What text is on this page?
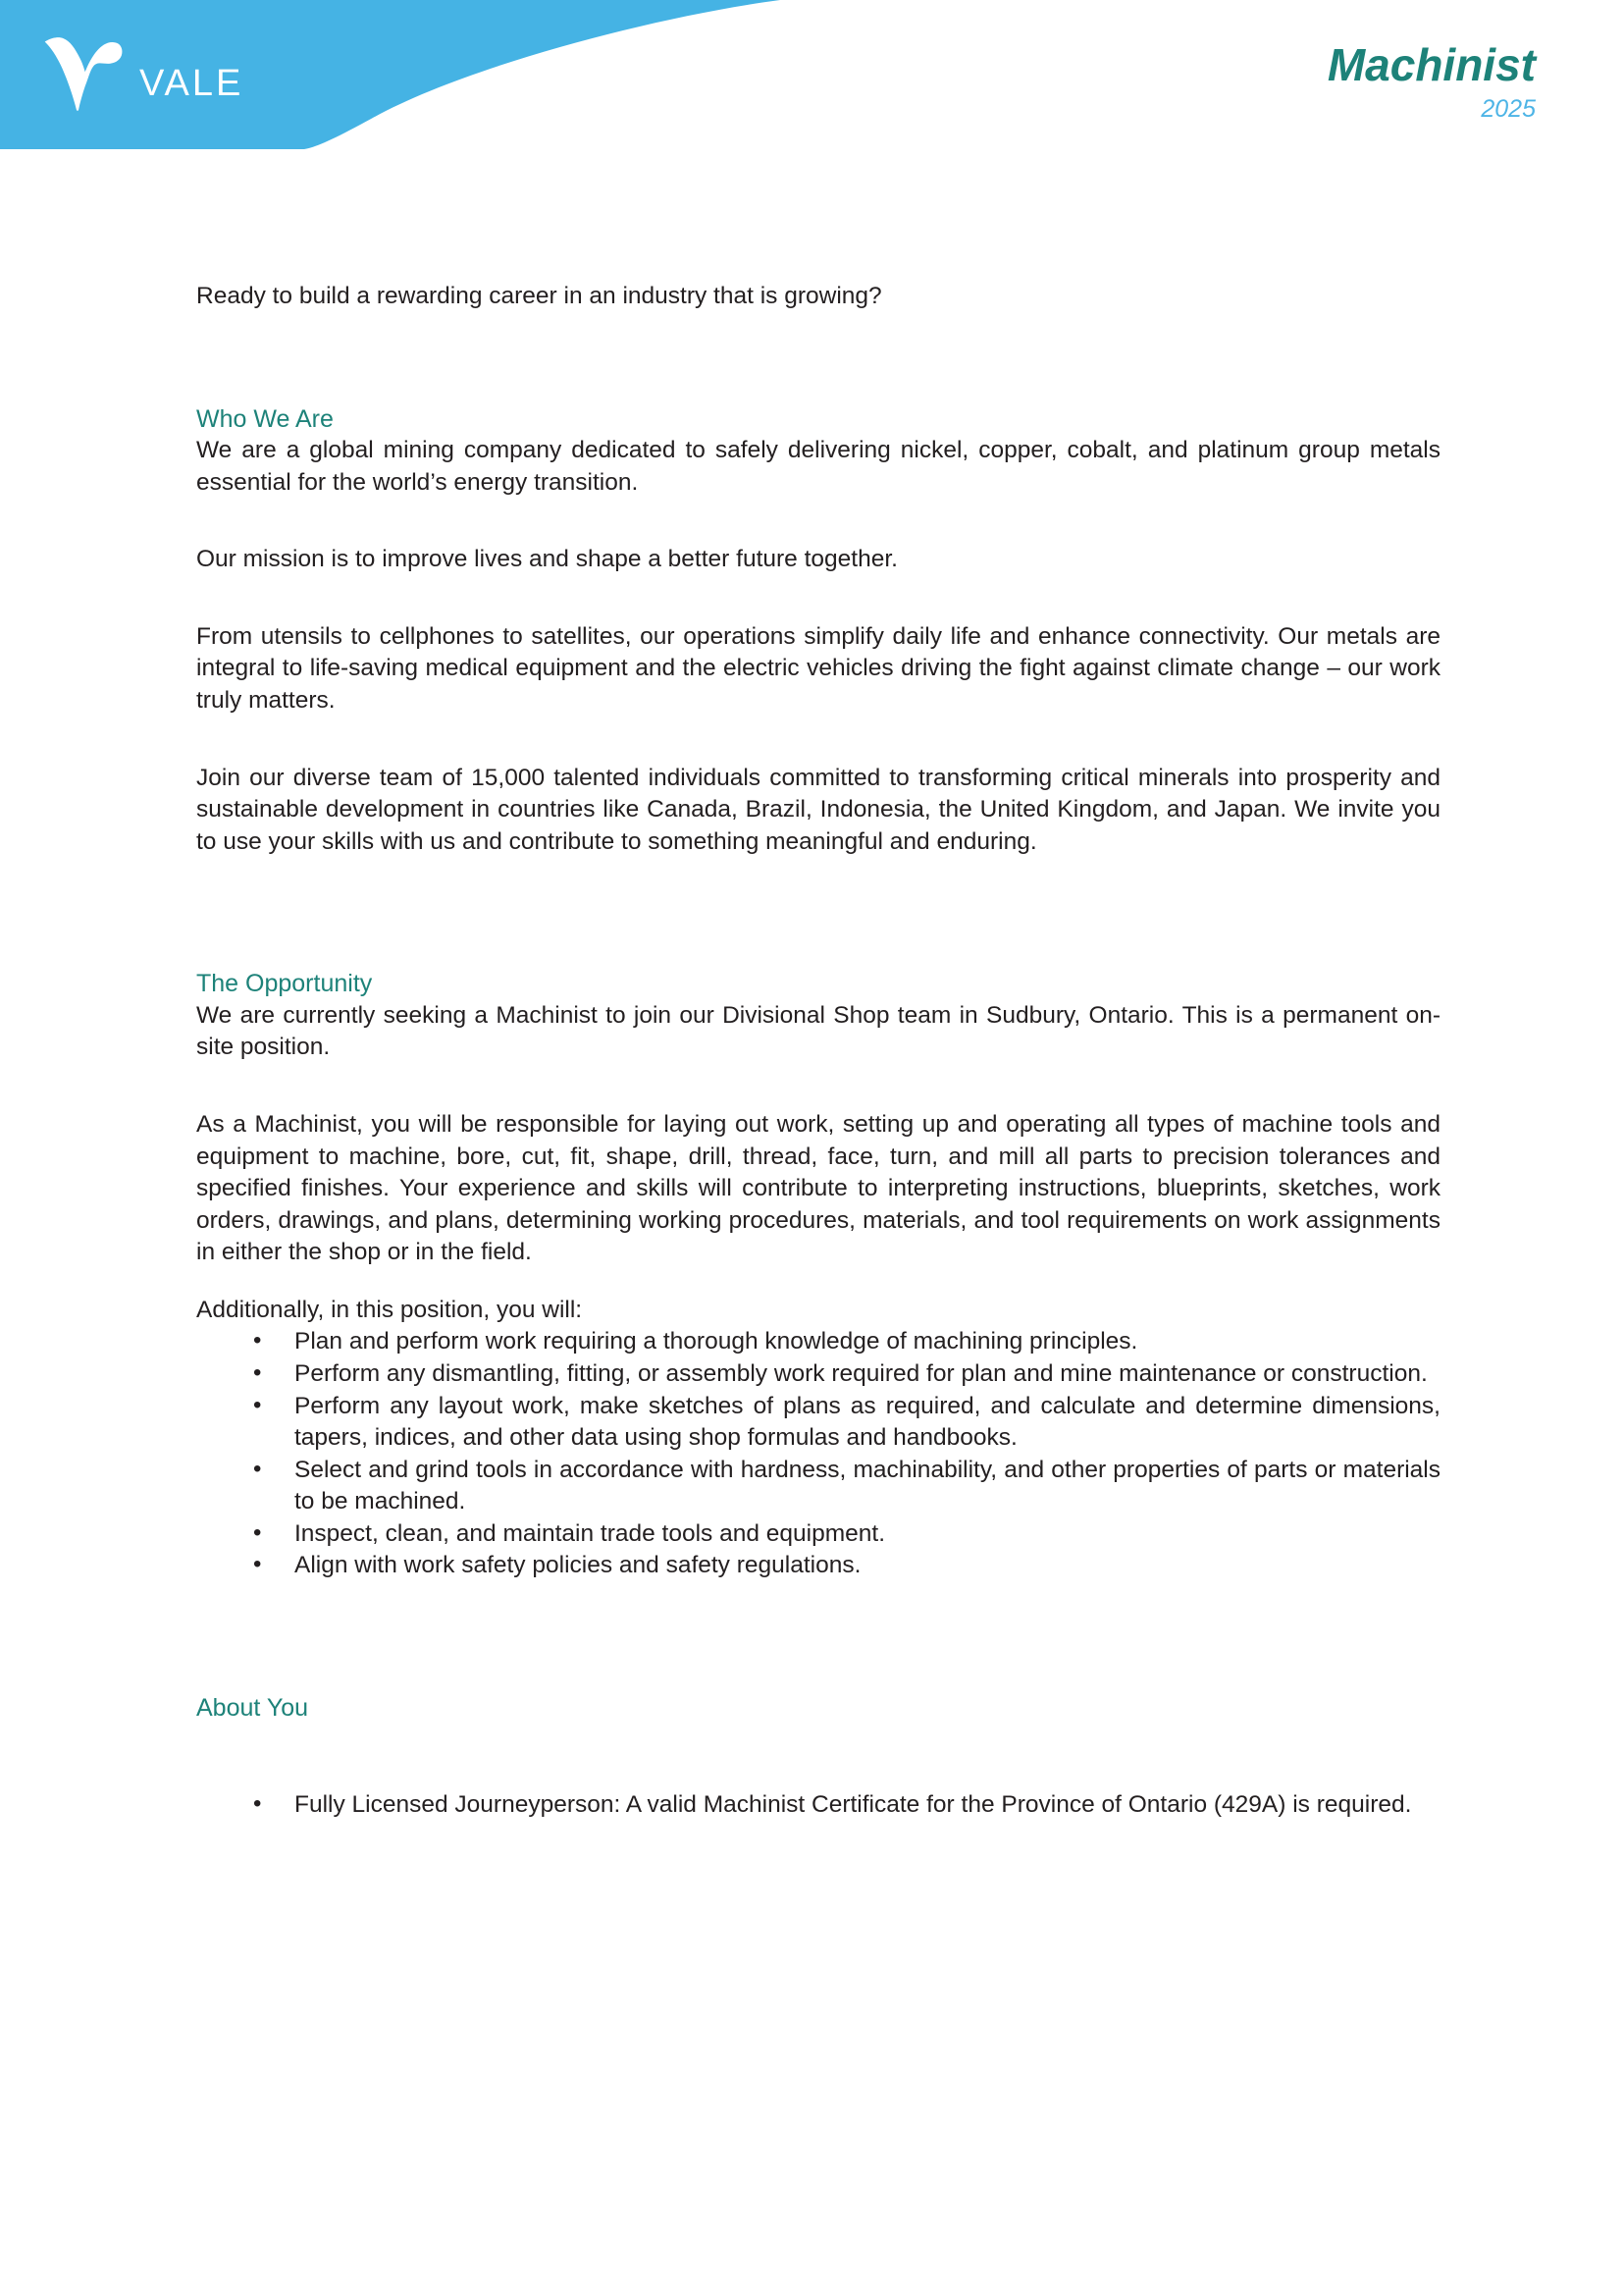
VALE	Machinist
2025

Ready to build a rewarding career in an industry that is growing?

Who We Are

We are a global mining company dedicated to safely delivering nickel, copper, cobalt, and platinum group metals essential for the world’s energy transition.

Our mission is to improve lives and shape a better future together.

From utensils to cellphones to satellites, our operations simplify daily life and enhance connectivity. Our metals are integral to life-saving medical equipment and the electric vehicles driving the fight against climate change – our work truly matters.

Join our diverse team of 15,000 talented individuals committed to transforming critical minerals into prosperity and sustainable development in countries like Canada, Brazil, Indonesia, the United Kingdom, and Japan. We invite you to use your skills with us and contribute to something meaningful and enduring.

The Opportunity

We are currently seeking a Machinist to join our Divisional Shop team in Sudbury, Ontario. This is a permanent on-site position.

As a Machinist, you will be responsible for laying out work, setting up and operating all types of machine tools and equipment to machine, bore, cut, fit, shape, drill, thread, face, turn, and mill all parts to precision tolerances and specified finishes. Your experience and skills will contribute to interpreting instructions, blueprints, sketches, work orders, drawings, and plans, determining working procedures, materials, and tool requirements on work assignments in either the shop or in the field.

Additionally, in this position, you will:

• Plan and perform work requiring a thorough knowledge of machining principles.
• Perform any dismantling, fitting, or assembly work required for plan and mine maintenance or construction.
• Perform any layout work, make sketches of plans as required, and calculate and determine dimensions, tapers, indices, and other data using shop formulas and handbooks.
• Select and grind tools in accordance with hardness, machinability, and other properties of parts or materials to be machined.
• Inspect, clean, and maintain trade tools and equipment.
• Align with work safety policies and safety regulations.
About You
• Fully Licensed Journeyperson: A valid Machinist Certificate for the Province of Ontario (429A) is required.
